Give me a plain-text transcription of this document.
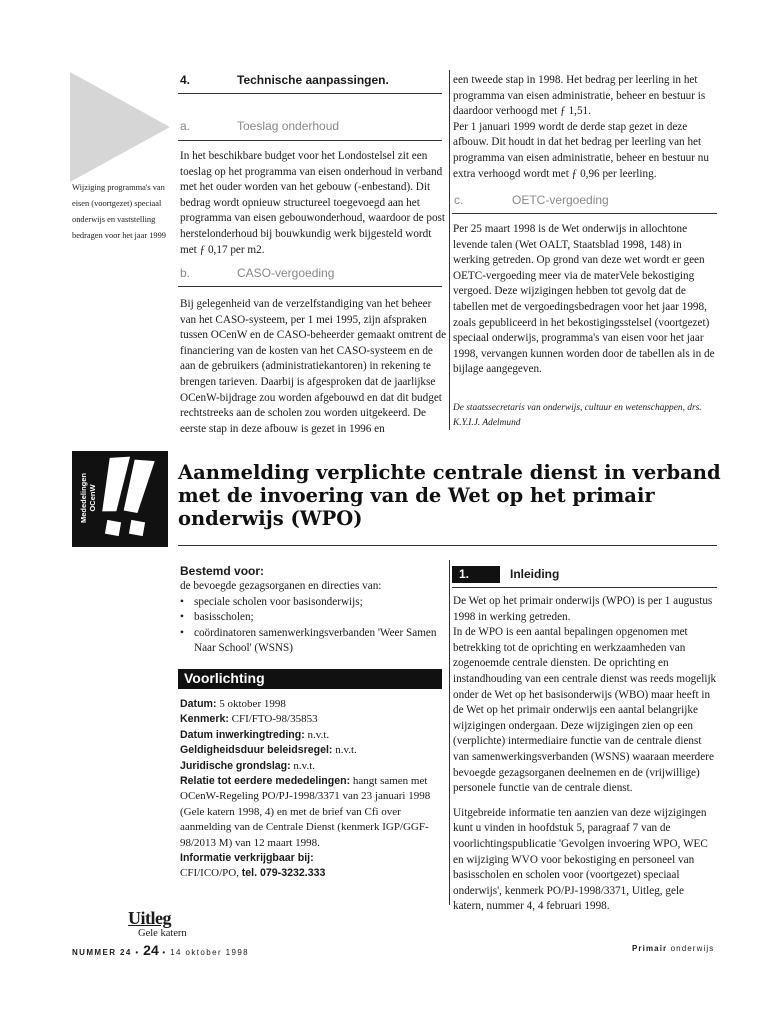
4.	Technische aanpassingen.
a.	Toeslag onderhoud
In het beschikbare budget voor het Londostelsel zit een toeslag op het programma van eisen onderhoud in verband met het ouder worden van het gebouw (-enbestand). Dit bedrag wordt opnieuw structureel toegevoegd aan het programma van eisen gebouwonderhoud, waardoor de post herstelonderhoud bij bouwkundig werk bijgesteld wordt met ƒ 0,17 per m2.
b.	CASO-vergoeding
Bij gelegenheid van de verzelfstandiging van het beheer van het CASO-systeem, per 1 mei 1995, zijn afspraken tussen OCenW en de CASO-beheerder gemaakt omtrent de financiering van de kosten van het CASO-systeem en de aan de gebruikers (administratiekantoren) in rekening te brengen tarieven. Daarbij is afgesproken dat de jaarlijkse OCenW-bijdrage zou worden afgebouwd en dat dit budget rechtstreeks aan de scholen zou worden uitgekeerd. De eerste stap in deze afbouw is gezet in 1996 en
Wijziging programma's van eisen (voortgezet) speciaal onderwijs en vaststelling bedragen voor het jaar 1999

een tweede stap in 1998. Het bedrag per leerling in het programma van eisen administratie, beheer en bestuur is daardoor verhoogd met ƒ 1,51.

Per 1 januari 1999 wordt de derde stap gezet in deze afbouw. Dit houdt in dat het bedrag per leerling van het programma van eisen administratie, beheer en bestuur nu extra verhoogd wordt met ƒ 0,96 per leerling.

c.	OETC-vergoeding
Per 25 maart 1998 is de Wet onderwijs in allochtone levende talen (Wet OALT, Staatsblad 1998, 148) in werking getreden. Op grond van deze wet wordt er geen OETC-vergoeding meer via de materVele bekostiging vergoed. Deze wijzigingen hebben tot gevolg dat de tabellen met de vergoedingsbedragen voor het jaar 1998, zoals gepubliceerd in het bekostigingsstelsel (voortgezet) speciaal onderwijs, programma's van eisen voor het jaar 1998, vervangen kunnen worden door de tabellen als in de bijlage aangegeven.
De staatssecretaris van onderwijs, cultuur en wetenschappen, drs. K.Y.I.J. Adelmund
Mededelingen OCenW
Aanmelding verplichte centrale dienst in verband met de invoering van de Wet op het primair onderwijs (WPO)
Bestemd voor:

de bevoegde gezagsorganen en directies van:

• speciale scholen voor basisonderwijs;
• basisscholen;
• coördinatoren samenwerkingsverbanden 'Weer Samen Naar School' (WSNS)
Voorlichting
Datum: 5 oktober 1998
Kenmerk: CFI/FTO-98/35853
Datum inwerkingtreding: n.v.t.
Geldigheidsduur beleidsregel: n.v.t.
Juridische grondslag: n.v.t.
Relatie tot eerdere mededelingen: hangt samen met OCenW-Regeling PO/PJ-1998/3371 van 23 januari 1998 (Gele katern 1998, 4) en met de brief van Cfi over aanmelding van de Centrale Dienst (kenmerk IGP/GGF-98/2013 M) van 12 maart 1998.
Informatie verkrijgbaar bij:
CFI/ICO/PO, tel. 079-3232.333
1.	Inleiding

De Wet op het primair onderwijs (WPO) is per 1 augustus 1998 in werking getreden.

In de WPO is een aantal bepalingen opgenomen met betrekking tot de oprichting en werkzaamheden van zogenoemde centrale diensten. De oprichting en instandhouding van een centrale dienst was reeds mogelijk onder de Wet op het basisonderwijs (WBO) maar heeft in de Wet op het primair onderwijs een aantal belangrijke wijzigingen ondergaan. Deze wijzigingen zien op een (verplichte) intermediaire functie van de centrale dienst van samenwerkingsverbanden (WSNS) waaraan meerdere bevoegde gezagsorganen deelnemen en de (vrijwillige) personele functie van de centrale dienst.

Uitgebreide informatie ten aanzien van deze wijzigingen kunt u vinden in hoofdstuk 5, paragraaf 7 van de voorlichtingspublicatie 'Gevolgen invoering WPO, WEC en wijziging WVO voor bekostiging en personeel van basisscholen en scholen voor (voortgezet) speciaal onderwijs', kenmerk PO/PJ-1998/3371, Uitleg, gele katern, nummer 4, 4 februari 1998.

Uitleg
Gele katern
NUMMER 24 • 24 • 14 oktober 1998	Primair onderwijs
